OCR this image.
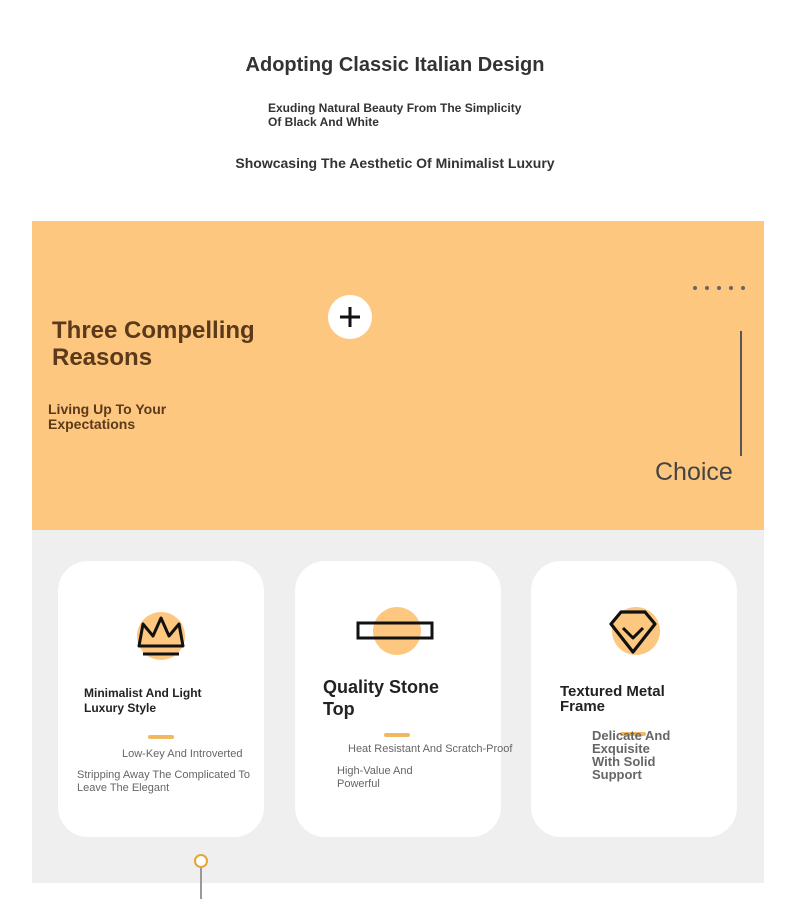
Adopting Classic Italian Design
Exuding Natural Beauty From The Simplicity Of Black And White
Showcasing The Aesthetic Of Minimalist Luxury
Three Compelling Reasons
Living Up To Your Expectations
Choice
Minimalist And Light Luxury Style
Low-Key And Introverted
Stripping Away The Complicated To Leave The Elegant
Quality Stone Top
Heat Resistant And Scratch-Proof
High-Value And Powerful
Textured Metal Frame
Delicate And Exquisite With Solid Support
